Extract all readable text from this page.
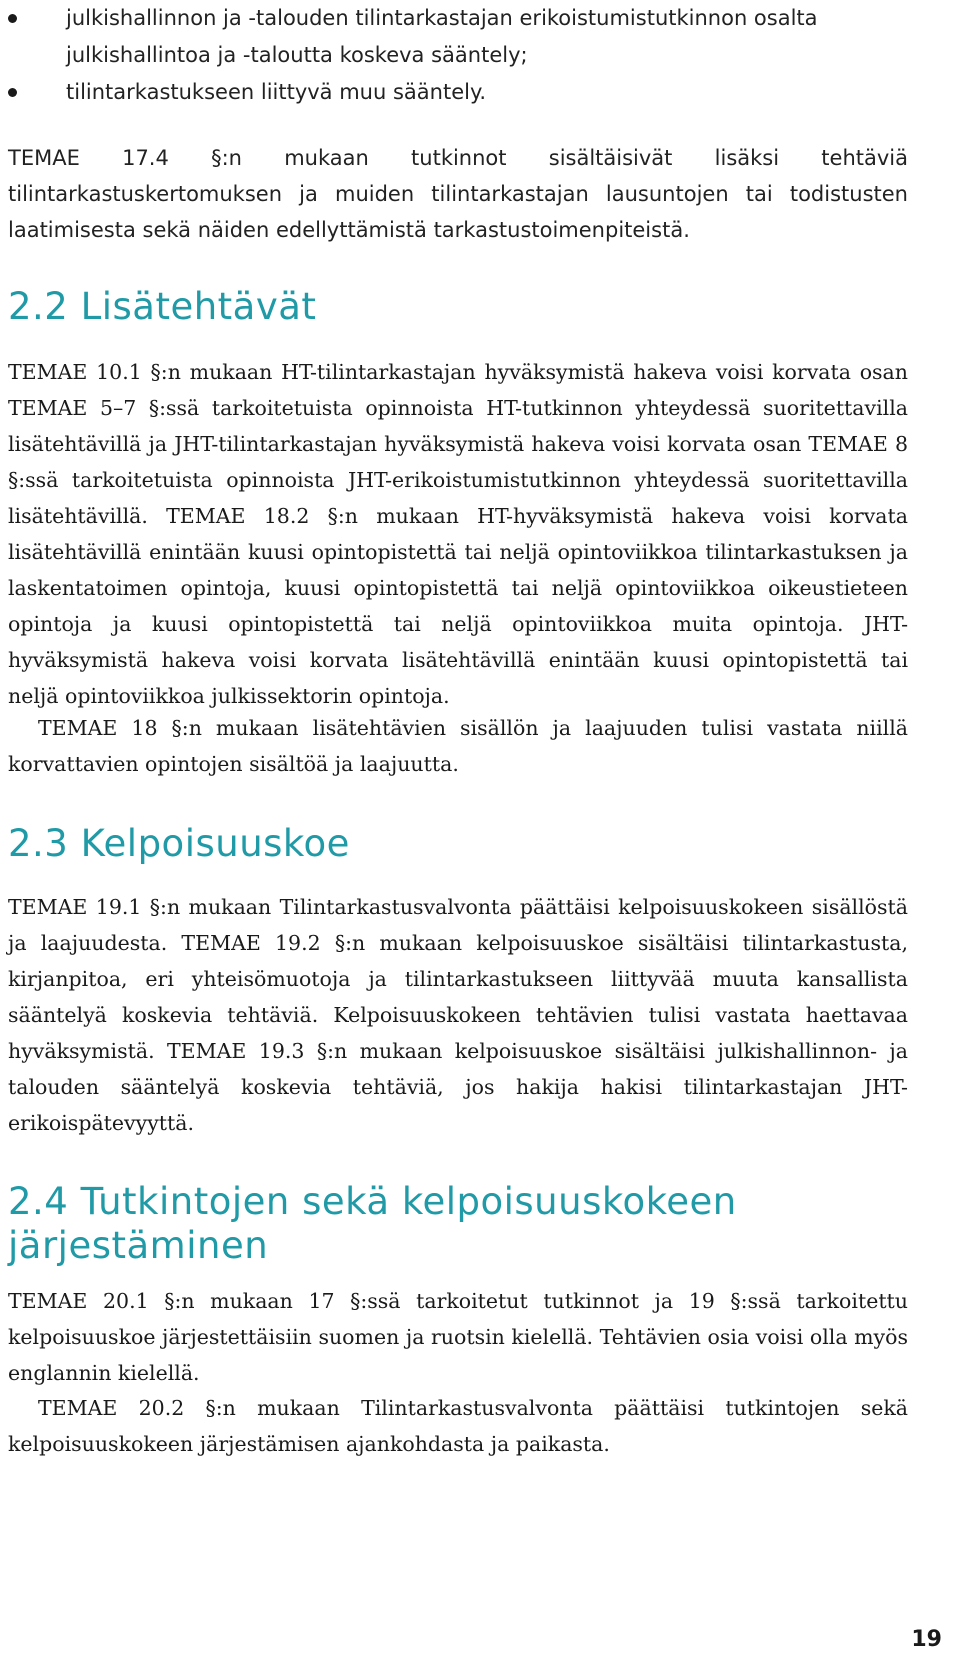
julkishallinnon ja -talouden tilintarkastajan erikoistumistutkinnon osalta julkishallintoa ja -taloutta koskeva sääntely;
tilintarkastukseen liittyvä muu sääntely.

TEMAE 17.4 §:n mukaan tutkinnot sisältäisivät lisäksi tehtäviä tilintarkastuskertomuksen ja muiden tilintarkastajan lausuntojen tai todistusten laatimisesta sekä näiden edellyttämistä tarkastustoimenpiteistä.

2.2 Lisätehtävät

TEMAE 10.1 §:n mukaan HT-tilintarkastajan hyväksymistä hakeva voisi korvata osan TEMAE 5–7 §:ssä tarkoitetuista opinnoista HT-tutkinnon yhteydessä suoritettavilla lisätehtävillä ja JHT-tilintarkastajan hyväksymistä hakeva voisi korvata osan TEMAE 8 §:ssä tarkoitetuista opinnoista JHT-erikoistumistutkinnon yhteydessä suoritettavilla lisätehtävillä. TEMAE 18.2 §:n mukaan HT-hyväksymistä hakeva voisi korvata lisätehtävillä enintään kuusi opintopistettä tai neljä opintoviikkoa tilintarkastuksen ja laskentatoimen opintoja, kuusi opintopistettä tai neljä opintoviikkoa oikeustieteen opintoja ja kuusi opintopistettä tai neljä opintoviikkoa muita opintoja. JHT-hyväksymistä hakeva voisi korvata lisätehtävillä enintään kuusi opintopistettä tai neljä opintoviikkoa julkissektorin opintoja.

TEMAE 18 §:n mukaan lisätehtävien sisällön ja laajuuden tulisi vastata niillä korvattavien opintojen sisältöä ja laajuutta.

2.3 Kelpoisuuskoe

TEMAE 19.1 §:n mukaan Tilintarkastusvalvonta päättäisi kelpoisuuskokeen sisällöstä ja laajuudesta. TEMAE 19.2 §:n mukaan kelpoisuuskoe sisältäisi tilintarkastusta, kirjanpitoa, eri yhteisömuotoja ja tilintarkastukseen liittyvää muuta kansallista sääntelyä koskevia tehtäviä. Kelpoisuuskokeen tehtävien tulisi vastata haettavaa hyväksymistä. TEMAE 19.3 §:n mukaan kelpoisuuskoe sisältäisi julkishallinnon- ja talouden sääntelyä koskevia tehtäviä, jos hakija hakisi tilintarkastajan JHT-erikoispätevyyttä.

2.4 Tutkintojen sekä kelpoisuuskokeen
järjestäminen

TEMAE 20.1 §:n mukaan 17 §:ssä tarkoitetut tutkinnot ja 19 §:ssä tarkoitettu kelpoisuuskoe järjestettäisiin suomen ja ruotsin kielellä. Tehtävien osia voisi olla myös englannin kielellä.

TEMAE 20.2 §:n mukaan Tilintarkastusvalvonta päättäisi tutkintojen sekä kelpoisuuskokeen järjestämisen ajankohdasta ja paikasta.

19
